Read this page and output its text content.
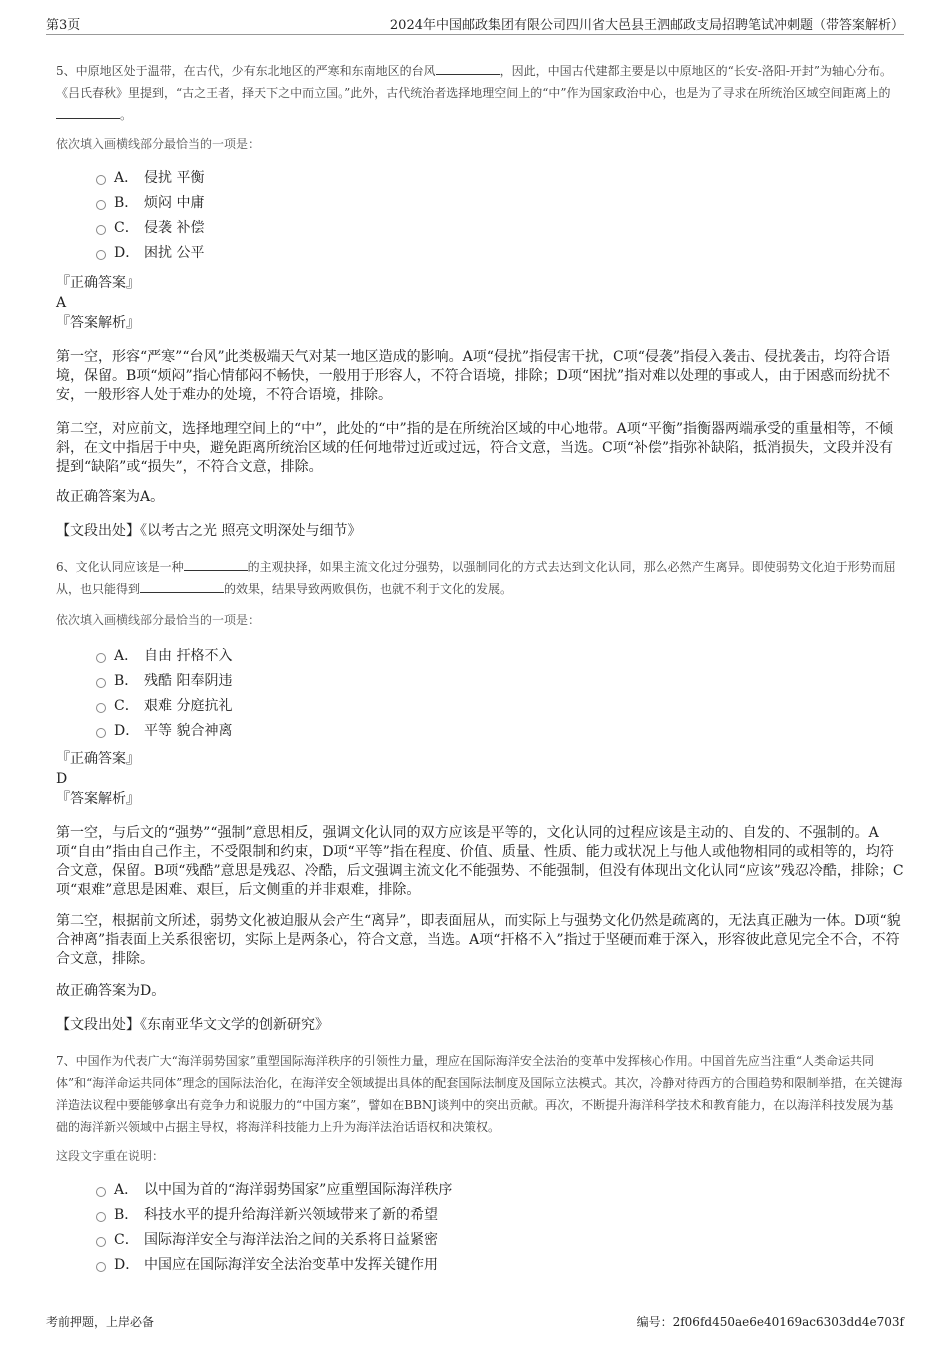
第3页	2024年中国邮政集团有限公司四川省大邑县王泗邮政支局招聘笔试冲刺题（带答案解析）

5、中原地区处于温带，在古代，少有东北地区的严寒和东南地区的台风	，因此，中国古代建都主要是以中原地区的“长安-洛阳-开封”为轴心分布。《吕氏春秋》里提到，“古之王者，择天下之中而立国。”此外，古代统治者选择地理空间上的“中”作为国家政治中心，也是为了寻求在所统治区域空间距离上的。

依次填入画横线部分最恰当的一项是：

A． 侵扰 平衡
B． 烦闷 中庸
C． 侵袭 补偿
D． 困扰 公平

『正确答案』

A

『答案解析』

第一空，形容“严寒”“台风”此类极端天气对某一地区造成的影响。A项“侵扰”指侵害干扰，C项“侵袭”指侵入袭击、侵扰袭击，均符合语境，保留。B项“烦闷”指心情郁闷不畅快，一般用于形容人，不符合语境，排除；D项“困扰”指对难以处理的事或人，由于困惑而纷扰不安，一般形容人处于难办的处境，不符合语境，排除。

第二空，对应前文，选择地理空间上的“中”，此处的“中”指的是在所统治区域的中心地带。A项“平衡”指衡器两端承受的重量相等，不倾斜，在文中指居于中央，避免距离所统治区域的任何地带过近或过远，符合文意，当选。C项“补偿”指弥补缺陷，抵消损失，文段并没有提到“缺陷”或“损失”，不符合文意，排除。

故正确答案为A。

【文段出处】《以考古之光 照亮文明深处与细节》

6、文化认同应该是一种	的主观抉择，如果主流文化过分强势，以强制同化的方式去达到文化认同，那么必然产生离异。即使弱势文化迫于形势而屈从，也只能得到	的效果，结果导致两败俱伤，也就不利于文化的发展。

依次填入画横线部分最恰当的一项是：

A． 自由 扞格不入
B． 残酷 阳奉阴违
C． 艰难 分庭抗礼
D． 平等 貌合神离

『正确答案』

D

『答案解析』

第一空，与后文的“强势”“强制”意思相反，强调文化认同的双方应该是平等的，文化认同的过程应该是主动的、自发的、不强制的。A项“自由”指由自己作主，不受限制和约束，D项“平等”指在程度、价值、质量、性质、能力或状况上与他人或他物相同的或相等的，均符合文意，保留。B项“残酷”意思是残忍、冷酷，后文强调主流文化不能强势、不能强制，但没有体现出文化认同“应该”残忍冷酷，排除；C项“艰难”意思是困难、艰巨，后文侧重的并非艰难，排除。

第二空，根据前文所述，弱势文化被迫服从会产生“离异”，即表面屈从，而实际上与强势文化仍然是疏离的，无法真正融为一体。D项“貌合神离”指表面上关系很密切，实际上是两条心，符合文意，当选。A项“扞格不入”指过于坚硬而难于深入，形容彼此意见完全不合，不符合文意，排除。

故正确答案为D。

【文段出处】《东南亚华文文学的创新研究》

7、中国作为代表广大“海洋弱势国家”重塑国际海洋秩序的引领性力量，理应在国际海洋安全法治的变革中发挥核心作用。中国首先应当注重“人类命运共同体”和“海洋命运共同体”理念的国际法治化，在海洋安全领域提出具体的配套国际法制度及国际立法模式。其次，冷静对待西方的合围趋势和限制举措，在关键海洋造法议程中要能够拿出有竞争力和说服力的“中国方案”，譬如在BBNJ谈判中的突出贡献。再次，不断提升海洋科学技术和教育能力，在以海洋科技发展为基础的海洋新兴领域中占据主导权，将海洋科技能力上升为海洋法治话语权和决策权。

这段文字重在说明：

A． 以中国为首的“海洋弱势国家”应重塑国际海洋秩序
B． 科技水平的提升给海洋新兴领域带来了新的希望
C． 国际海洋安全与海洋法治之间的关系将日益紧密
D． 中国应在国际海洋安全法治变革中发挥关键作用
考前押题，上岸必备	编号：2f06fd450ae6e40169ac6303dd4e703f
